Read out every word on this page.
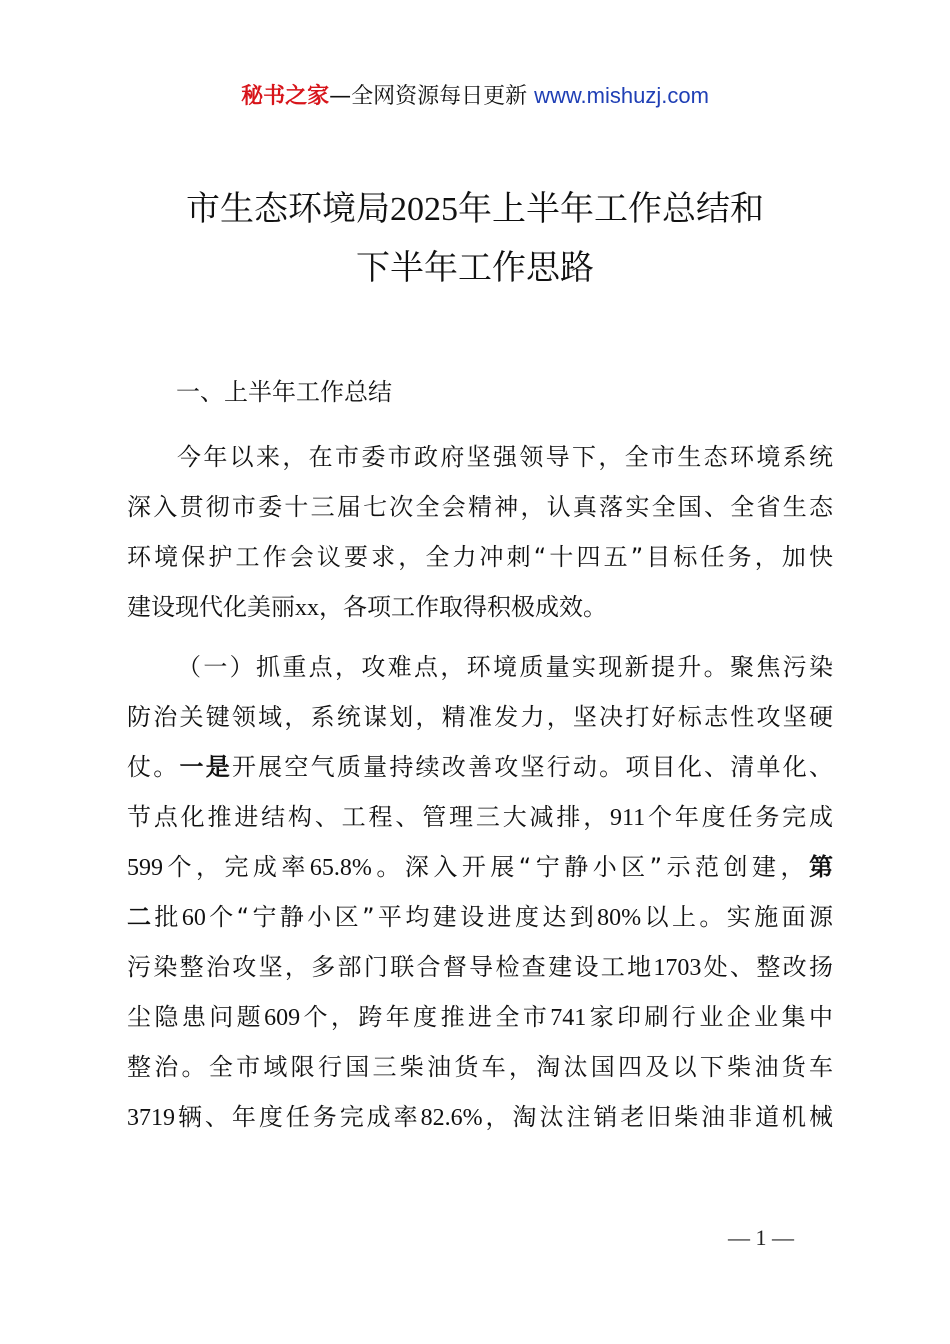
秘书之家—全网资源每日更新 www.mishuzj.com
市生态环境局2025年上半年工作总结和
下半年工作思路
一、上半年工作总结
今年以来，在市委市政府坚强领导下，全市生态环境系统
深入贯彻市委十三届七次全会精神，认真落实全国、全省生态
环境保护工作会议要求，全力冲刺“十四五”目标任务，加快
建设现代化美丽xx，各项工作取得积极成效。
（一）抓重点，攻难点，环境质量实现新提升。聚焦污染
防治关键领域，系统谋划，精准发力，坚决打好标志性攻坚硬
仗。一是开展空气质量持续改善攻坚行动。项目化、清单化、
节点化推进结构、工程、管理三大减排，911个年度任务完成
599个，完成率65.8%。深入开展“宁静小区”示范创建，第
二批60个“宁静小区”平均建设进度达到80%以上。实施面源
污染整治攻坚，多部门联合督导检查建设工地1703处、整改扬
尘隐患问题609个，跨年度推进全市741家印刷行业企业集中
整治。全市域限行国三柴油货车，淘汰国四及以下柴油货车
3719辆、年度任务完成率82.6%，淘汰注销老旧柴油非道机械
— 1 —
